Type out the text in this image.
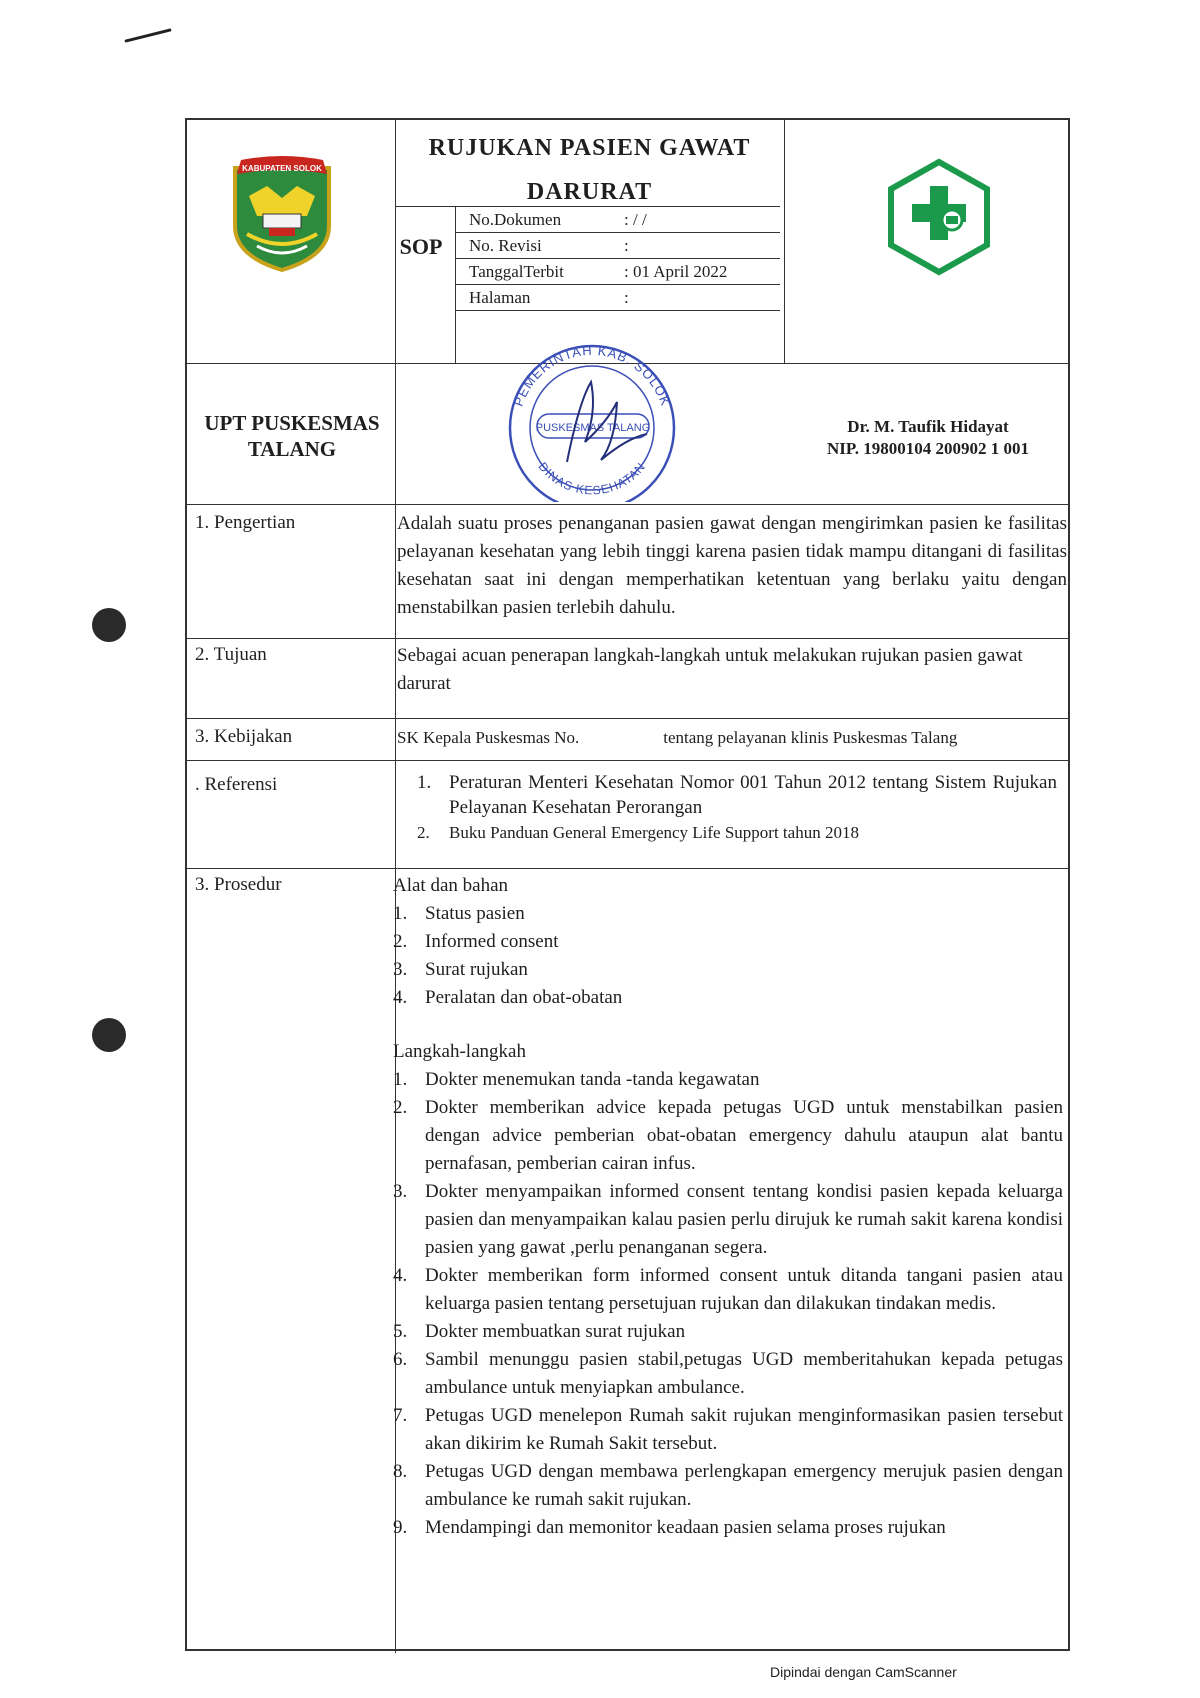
KABUPATEN SOLOK
RUJUKAN PASIEN GAWAT
DARURAT
SOP
No.Dokumen	: / /
No. Revisi	:
TanggalTerbit	: 01 April 2022
Halaman	:
UPT PUSKESMAS
TALANG
PEMERINTAH KAB. SOLOK
DINAS KESEHATAN
PUSKESMAS TALANG	Dr. M. Taufik Hidayat
NIP. 19800104 200902 1 001
1. Pengertian	Adalah suatu proses penanganan pasien gawat dengan mengirimkan pasien ke fasilitas pelayanan kesehatan yang lebih tinggi karena pasien tidak mampu ditangani di fasilitas kesehatan saat ini dengan memperhatikan ketentuan yang berlaku yaitu dengan menstabilkan pasien terlebih dahulu.
2. Tujuan	Sebagai acuan penerapan langkah-langkah untuk melakukan rujukan pasien gawat darurat
3. Kebijakan	SK Kepala Puskesmas No.	tentang pelayanan klinis Puskesmas Talang
. Referensi	1. Peraturan Menteri Kesehatan Nomor 001 Tahun 2012 tentang Sistem Rujukan Pelayanan Kesehatan Perorangan
2. Buku Panduan General Emergency Life Support tahun 2018
3. Prosedur	Alat dan bahan
1. Status pasien
2. Informed consent
3. Surat rujukan
4. Peralatan dan obat-obatan
Langkah-langkah
1. Dokter menemukan tanda -tanda kegawatan
2. Dokter memberikan advice kepada petugas UGD untuk menstabilkan pasien dengan advice pemberian obat-obatan emergency dahulu ataupun alat bantu pernafasan, pemberian cairan infus.
3. Dokter menyampaikan informed consent tentang kondisi pasien kepada keluarga pasien dan menyampaikan kalau pasien perlu dirujuk ke rumah sakit karena kondisi pasien yang gawat ,perlu penanganan segera.
4. Dokter memberikan form informed consent untuk ditanda tangani pasien atau keluarga pasien tentang persetujuan rujukan dan dilakukan tindakan medis.
5. Dokter membuatkan surat rujukan
6. Sambil menunggu pasien stabil,petugas UGD memberitahukan kepada petugas ambulance untuk menyiapkan ambulance.
7. Petugas UGD menelepon Rumah sakit rujukan menginformasikan pasien tersebut akan dikirim ke Rumah Sakit tersebut.
8. Petugas UGD dengan membawa perlengkapan emergency merujuk pasien dengan ambulance ke rumah sakit rujukan.
9. Mendampingi dan memonitor keadaan pasien selama proses rujukan
Dipindai dengan CamScanner
